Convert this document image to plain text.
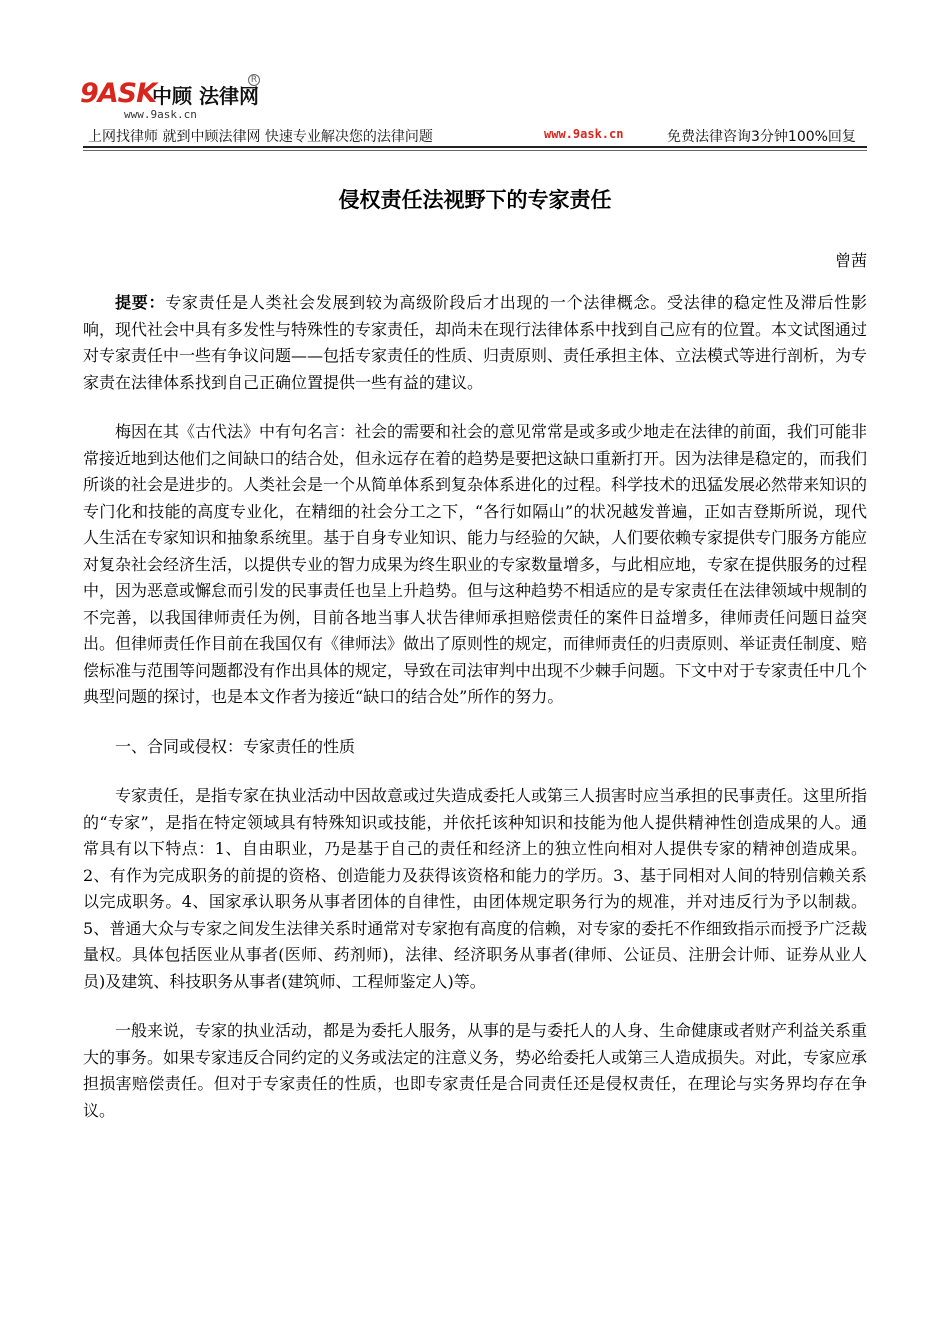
9ASK
中顾 法律网
R
www.9ask.cn
上网找律师 就到中顾法律网 快速专业解决您的法律问题	www.9ask.cn	免费法律咨询3分钟100%回复
侵权责任法视野下的专家责任

曾茜

提要：专家责任是人类社会发展到较为高级阶段后才出现的一个法律概念。受法律的稳定性及滞后性影响，现代社会中具有多发性与特殊性的专家责任，却尚未在现行法律体系中找到自己应有的位置。本文试图通过对专家责任中一些有争议问题——包括专家责任的性质、归责原则、责任承担主体、立法模式等进行剖析，为专家责在法律体系找到自己正确位置提供一些有益的建议。

梅因在其《古代法》中有句名言：社会的需要和社会的意见常常是或多或少地走在法律的前面，我们可能非常接近地到达他们之间缺口的结合处，但永远存在着的趋势是要把这缺口重新打开。因为法律是稳定的，而我们所谈的社会是进步的。人类社会是一个从简单体系到复杂体系进化的过程。科学技术的迅猛发展必然带来知识的专门化和技能的高度专业化，在精细的社会分工之下，“各行如隔山”的状况越发普遍，正如吉登斯所说，现代人生活在专家知识和抽象系统里。基于自身专业知识、能力与经验的欠缺，人们要依赖专家提供专门服务方能应对复杂社会经济生活，以提供专业的智力成果为终生职业的专家数量增多，与此相应地，专家在提供服务的过程中，因为恶意或懈怠而引发的民事责任也呈上升趋势。但与这种趋势不相适应的是专家责任在法律领域中规制的不完善，以我国律师责任为例，目前各地当事人状告律师承担赔偿责任的案件日益增多，律师责任问题日益突出。但律师责任作目前在我国仅有《律师法》做出了原则性的规定，而律师责任的归责原则、举证责任制度、赔偿标准与范围等问题都没有作出具体的规定，导致在司法审判中出现不少棘手问题。下文中对于专家责任中几个典型问题的探讨，也是本文作者为接近“缺口的结合处”所作的努力。

一、合同或侵权：专家责任的性质

专家责任，是指专家在执业活动中因故意或过失造成委托人或第三人损害时应当承担的民事责任。这里所指的“专家”，是指在特定领域具有特殊知识或技能，并依托该种知识和技能为他人提供精神性创造成果的人。通常具有以下特点：1、自由职业，乃是基于自己的责任和经济上的独立性向相对人提供专家的精神创造成果。2、有作为完成职务的前提的资格、创造能力及获得该资格和能力的学历。3、基于同相对人间的特别信赖关系以完成职务。4、国家承认职务从事者团体的自律性，由团体规定职务行为的规准，并对违反行为予以制裁。5、普通大众与专家之间发生法律关系时通常对专家抱有高度的信赖，对专家的委托不作细致指示而授予广泛裁量权。具体包括医业从事者(医师、药剂师)，法律、经济职务从事者(律师、公证员、注册会计师、证券从业人员)及建筑、科技职务从事者(建筑师、工程师鉴定人)等。

一般来说，专家的执业活动，都是为委托人服务，从事的是与委托人的人身、生命健康或者财产利益关系重大的事务。如果专家违反合同约定的义务或法定的注意义务，势必给委托人或第三人造成损失。对此，专家应承担损害赔偿责任。但对于专家责任的性质，也即专家责任是合同责任还是侵权责任，在理论与实务界均存在争议。
